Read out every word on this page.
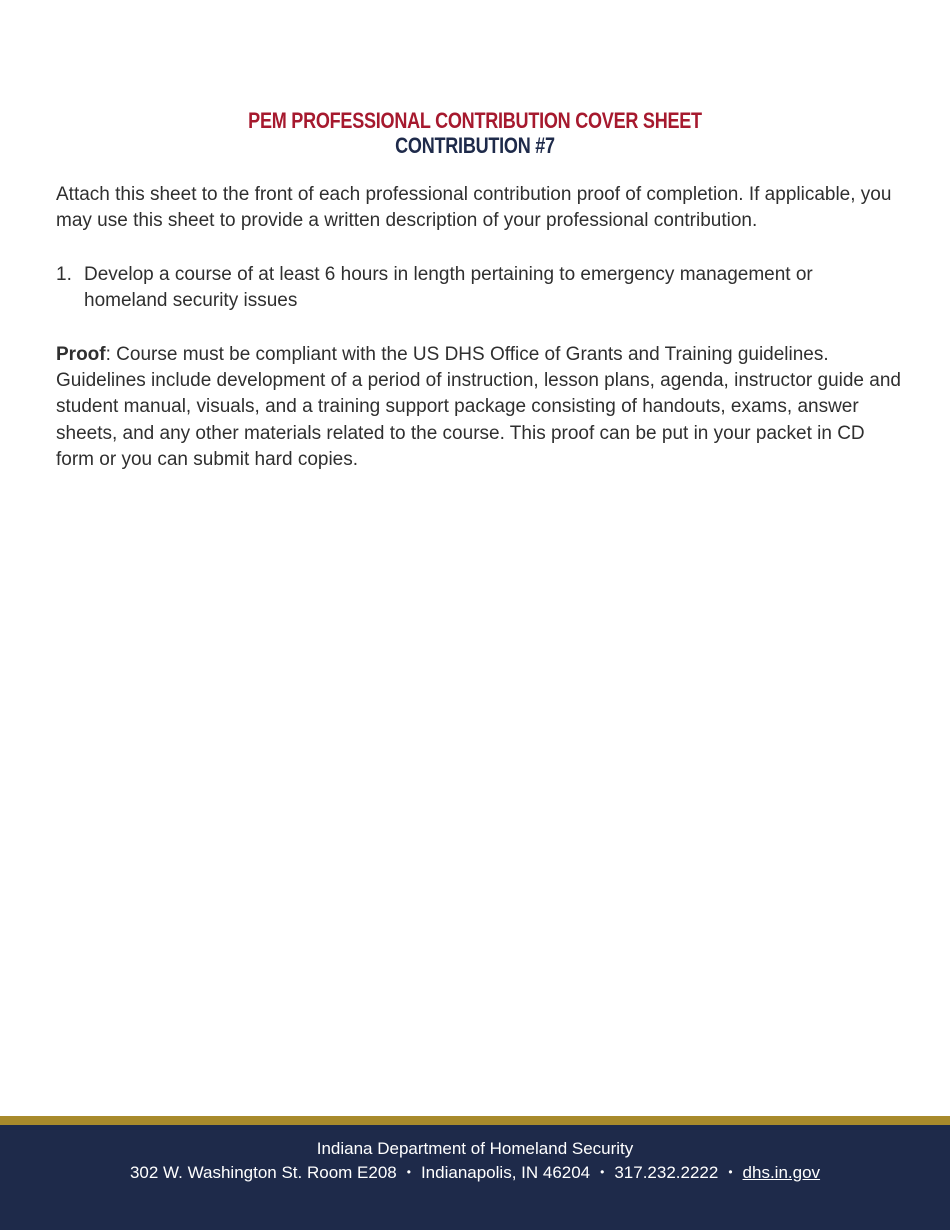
PEM PROFESSIONAL CONTRIBUTION COVER SHEET
CONTRIBUTION #7

Attach this sheet to the front of each professional contribution proof of completion. If applicable, you may use this sheet to provide a written description of your professional contribution.

1. Develop a course of at least 6 hours in length pertaining to emergency management or homeland security issues

Proof: Course must be compliant with the US DHS Office of Grants and Training guidelines. Guidelines include development of a period of instruction, lesson plans, agenda, instructor guide and student manual, visuals, and a training support package consisting of handouts, exams, answer sheets, and any other materials related to the course. This proof can be put in your packet in CD form or you can submit hard copies.

Indiana Department of Homeland Security
302 W. Washington St. Room E208 • Indianapolis, IN 46204 • 317.232.2222 • dhs.in.gov
